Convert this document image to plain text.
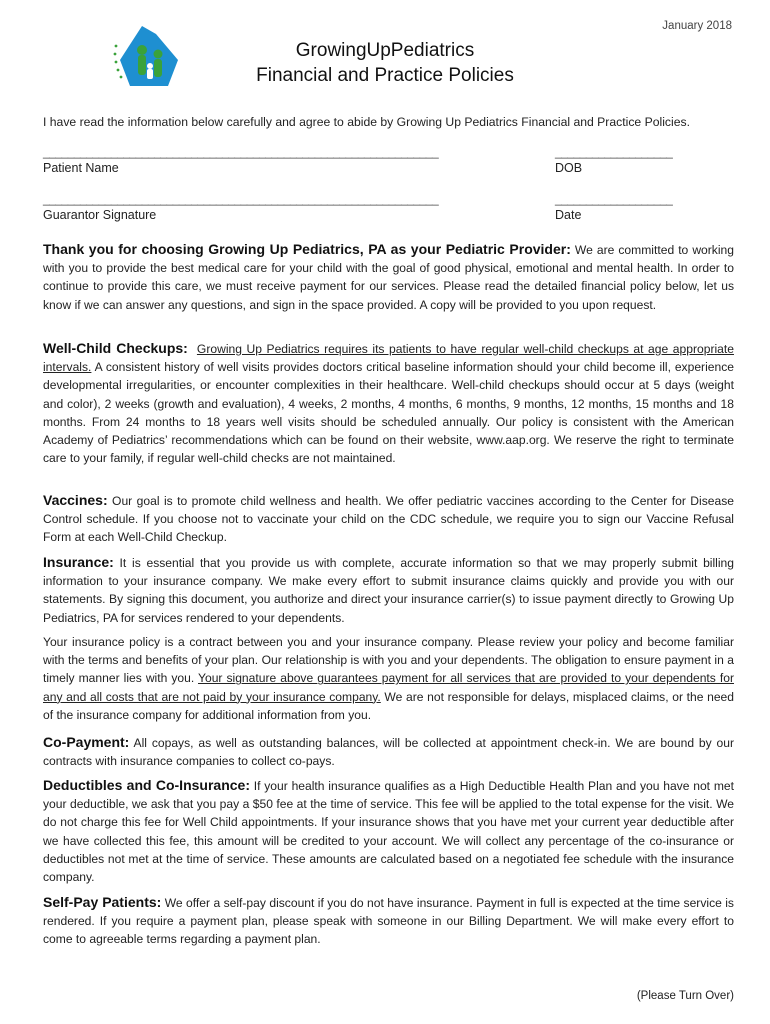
January 2018
GrowingUpPediatrics
Financial and Practice Policies
I have read the information below carefully and agree to abide by Growing Up Pediatrics Financial and Practice Policies.
________________________________________________________________	___________________
Patient Name	DOB
________________________________________________________________	___________________
Guarantor Signature	Date
Thank you for choosing Growing Up Pediatrics, PA as your Pediatric Provider: We are committed to working with you to provide the best medical care for your child with the goal of good physical, emotional and mental health. In order to continue to provide this care, we must receive payment for our services. Please read the detailed financial policy below, let us know if we can answer any questions, and sign in the space provided. A copy will be provided to you upon request.
Well-Child Checkups: Growing Up Pediatrics requires its patients to have regular well-child checkups at age appropriate intervals. A consistent history of well visits provides doctors critical baseline information should your child become ill, experience developmental irregularities, or encounter complexities in their healthcare. Well-child checkups should occur at 5 days (weight and color), 2 weeks (growth and evaluation), 4 weeks, 2 months, 4 months, 6 months, 9 months, 12 months, 15 months and 18 months. From 24 months to 18 years well visits should be scheduled annually. Our policy is consistent with the American Academy of Pediatrics’ recommendations which can be found on their website, www.aap.org. We reserve the right to terminate care to your family, if regular well-child checks are not maintained.
Vaccines: Our goal is to promote child wellness and health. We offer pediatric vaccines according to the Center for Disease Control schedule. If you choose not to vaccinate your child on the CDC schedule, we require you to sign our Vaccine Refusal Form at each Well-Child Checkup.
Insurance: It is essential that you provide us with complete, accurate information so that we may properly submit billing information to your insurance company. We make every effort to submit insurance claims quickly and provide you with our statements. By signing this document, you authorize and direct your insurance carrier(s) to issue payment directly to Growing Up Pediatrics, PA for services rendered to your dependents.
Your insurance policy is a contract between you and your insurance company. Please review your policy and become familiar with the terms and benefits of your plan. Our relationship is with you and your dependents. The obligation to ensure payment in a timely manner lies with you. Your signature above guarantees payment for all services that are provided to your dependents for any and all costs that are not paid by your insurance company. We are not responsible for delays, misplaced claims, or the need of the insurance company for additional information from you.
Co-Payment: All copays, as well as outstanding balances, will be collected at appointment check-in. We are bound by our contracts with insurance companies to collect co-pays.
Deductibles and Co-Insurance: If your health insurance qualifies as a High Deductible Health Plan and you have not met your deductible, we ask that you pay a $50 fee at the time of service. This fee will be applied to the total expense for the visit. We do not charge this fee for Well Child appointments. If your insurance shows that you have met your current year deductible after we have collected this fee, this amount will be credited to your account. We will collect any percentage of the co-insurance or deductibles not met at the time of service. These amounts are calculated based on a negotiated fee schedule with the insurance company.
Self-Pay Patients: We offer a self-pay discount if you do not have insurance. Payment in full is expected at the time service is rendered. If you require a payment plan, please speak with someone in our Billing Department. We will make every effort to come to agreeable terms regarding a payment plan.
(Please Turn Over)
